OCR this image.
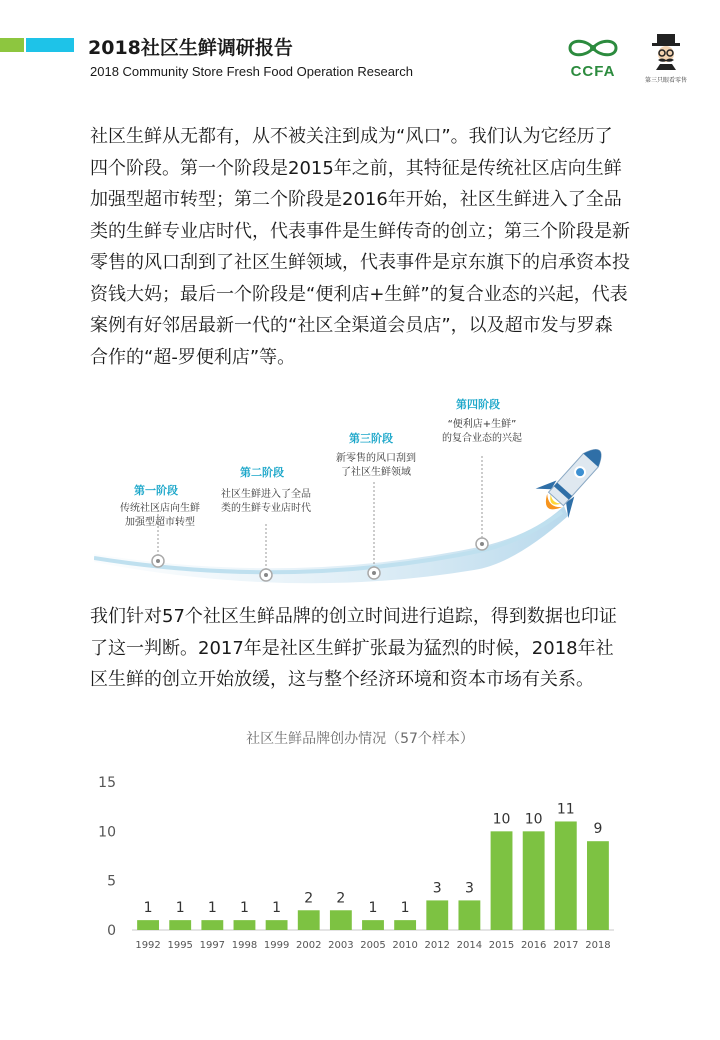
2018社区生鲜调研报告
2018 Community Store Fresh Food Operation Research	CCFA
第三只眼看零售

社区生鲜从无都有，从不被关注到成为“风口”。我们认为它经历了四个阶段。第一个阶段是2015年之前，其特征是传统社区店向生鲜加强型超市转型；第二个阶段是2016年开始，社区生鲜进入了全品类的生鲜专业店时代，代表事件是生鲜传奇的创立；第三个阶段是新零售的风口刮到了社区生鲜领域，代表事件是京东旗下的启承资本投资钱大妈；最后一个阶段是“便利店+生鲜”的复合业态的兴起，代表案例有好邻居最新一代的“社区全渠道会员店”，以及超市发与罗森合作的“超-罗便利店”等。

第一阶段
传统社区店向生鲜
加强型超市转型
第二阶段
社区生鲜进入了全品
类的生鲜专业店时代
第三阶段
新零售的风口刮到
了社区生鲜领域
第四阶段
“便利店+生鲜”
的复合业态的兴起

我们针对57个社区生鲜品牌的创立时间进行追踪，得到数据也印证了这一判断。2017年是社区生鲜扩张最为猛烈的时候，2018年社区生鲜的创立开始放缓，这与整个经济环境和资本市场有关系。

社区生鲜品牌创办情况（57个样本）
0
5
10
15
1
1992
1
1995
1
1997
1
1998
1
1999
2
2002
2
2003
1
2005
1
2010
3
2012
3
2014
10
2015
10
2016
11
2017
9
2018
